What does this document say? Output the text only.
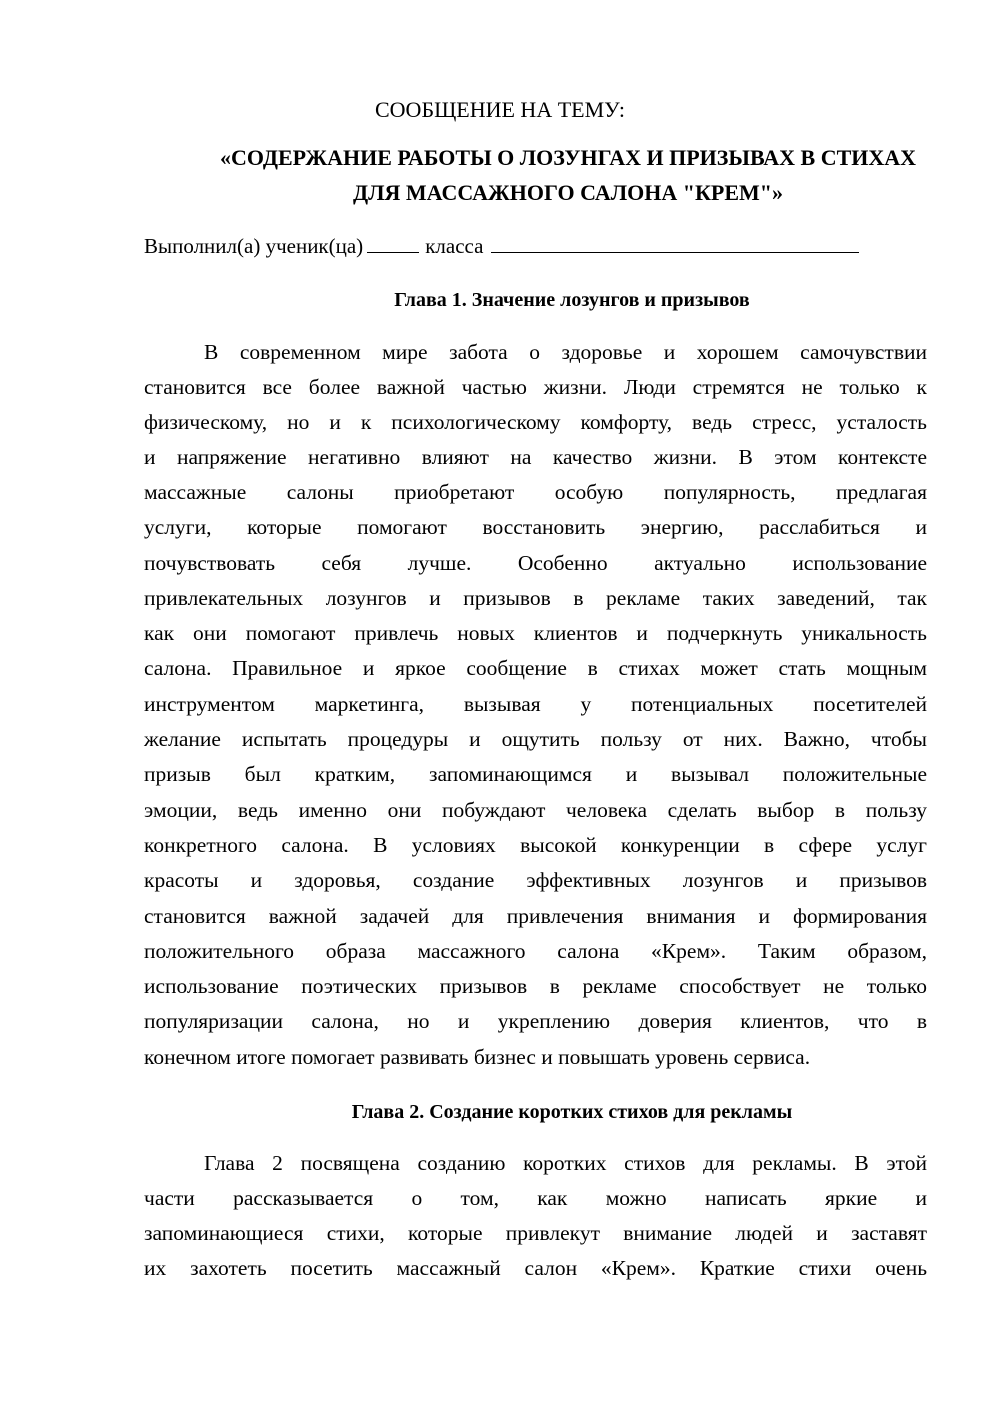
СООБЩЕНИЕ НА ТЕМУ:
«СОДЕРЖАНИЕ РАБОТЫ О ЛОЗУНГАХ И ПРИЗЫВАХ В СТИХАХ
ДЛЯ МАССАЖНОГО САЛОНА "КРЕМ"»
Выполнил(а) ученик(ца)	класса
Глава 1. Значение лозунгов и призывов
В современном мире забота о здоровье и хорошем самочувствии
становится все более важной частью жизни. Люди стремятся не только к
физическому, но и к психологическому комфорту, ведь стресс, усталость
и напряжение негативно влияют на качество жизни. В этом контексте
массажные салоны приобретают особую популярность, предлагая
услуги, которые помогают восстановить энергию, расслабиться и
почувствовать себя лучше. Особенно актуально использование
привлекательных лозунгов и призывов в рекламе таких заведений, так
как они помогают привлечь новых клиентов и подчеркнуть уникальность
салона. Правильное и яркое сообщение в стихах может стать мощным
инструментом маркетинга, вызывая у потенциальных посетителей
желание испытать процедуры и ощутить пользу от них. Важно, чтобы
призыв был кратким, запоминающимся и вызывал положительные
эмоции, ведь именно они побуждают человека сделать выбор в пользу
конкретного салона. В условиях высокой конкуренции в сфере услуг
красоты и здоровья, создание эффективных лозунгов и призывов
становится важной задачей для привлечения внимания и формирования
положительного образа массажного салона «Крем». Таким образом,
использование поэтических призывов в рекламе способствует не только
популяризации салона, но и укреплению доверия клиентов, что в
конечном итоге помогает развивать бизнес и повышать уровень сервиса.
Глава 2. Создание коротких стихов для рекламы
Глава 2 посвящена созданию коротких стихов для рекламы. В этой
части рассказывается о том, как можно написать яркие и
запоминающиеся стихи, которые привлекут внимание людей и заставят
их захотеть посетить массажный салон «Крем». Краткие стихи очень
